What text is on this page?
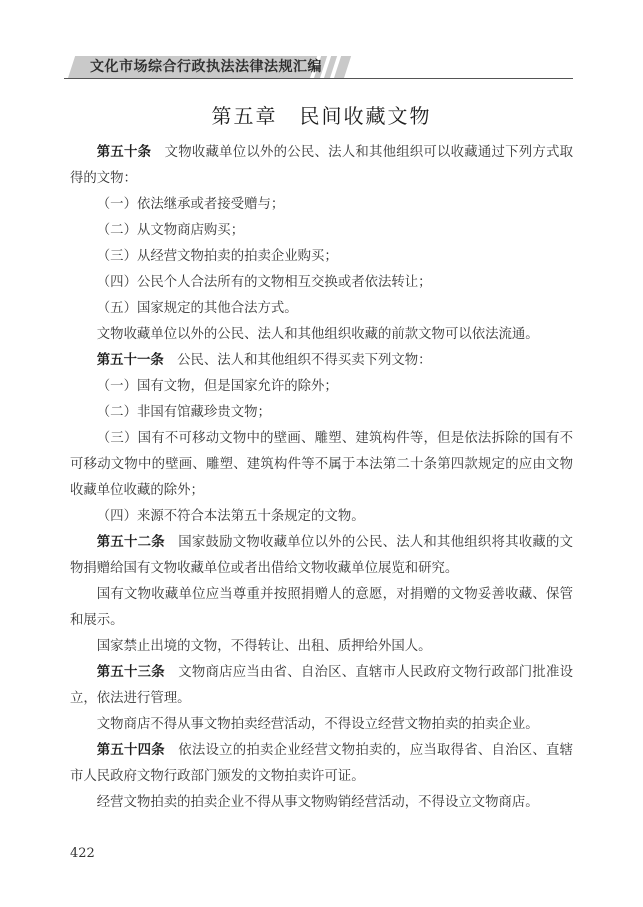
文化市场综合行政执法法律法规汇编
第五章 民间收藏文物

第五十条 文物收藏单位以外的公民、法人和其他组织可以收藏通过下列方式取得的文物：

（一）依法继承或者接受赠与；

（二）从文物商店购买；

（三）从经营文物拍卖的拍卖企业购买；

（四）公民个人合法所有的文物相互交换或者依法转让；

（五）国家规定的其他合法方式。

文物收藏单位以外的公民、法人和其他组织收藏的前款文物可以依法流通。

第五十一条 公民、法人和其他组织不得买卖下列文物：

（一）国有文物，但是国家允许的除外；

（二）非国有馆藏珍贵文物；

（三）国有不可移动文物中的壁画、雕塑、建筑构件等，但是依法拆除的国有不可移动文物中的壁画、雕塑、建筑构件等不属于本法第二十条第四款规定的应由文物收藏单位收藏的除外；

（四）来源不符合本法第五十条规定的文物。

第五十二条 国家鼓励文物收藏单位以外的公民、法人和其他组织将其收藏的文物捐赠给国有文物收藏单位或者出借给文物收藏单位展览和研究。

国有文物收藏单位应当尊重并按照捐赠人的意愿，对捐赠的文物妥善收藏、保管和展示。

国家禁止出境的文物，不得转让、出租、质押给外国人。

第五十三条 文物商店应当由省、自治区、直辖市人民政府文物行政部门批准设立，依法进行管理。

文物商店不得从事文物拍卖经营活动，不得设立经营文物拍卖的拍卖企业。

第五十四条 依法设立的拍卖企业经营文物拍卖的，应当取得省、自治区、直辖市人民政府文物行政部门颁发的文物拍卖许可证。

经营文物拍卖的拍卖企业不得从事文物购销经营活动，不得设立文物商店。

422
